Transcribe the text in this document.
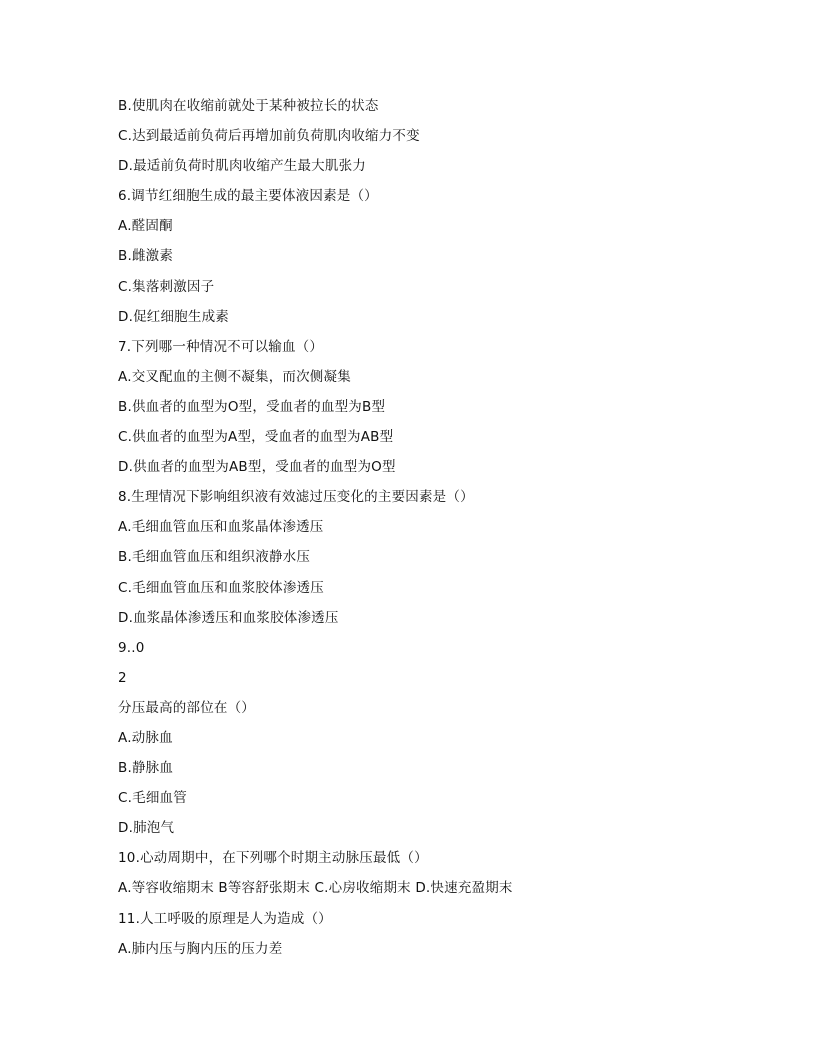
B.使肌肉在收缩前就处于某种被拉长的状态
C.达到最适前负荷后再增加前负荷肌肉收缩力不变
D.最适前负荷时肌肉收缩产生最大肌张力
6.调节红细胞生成的最主要体液因素是（）
A.醛固酮
B.雌激素
C.集落刺激因子
D.促红细胞生成素
7.下列哪一种情况不可以输血（）
A.交叉配血的主侧不凝集，而次侧凝集
B.供血者的血型为O型，受血者的血型为B型
C.供血者的血型为A型，受血者的血型为AB型
D.供血者的血型为AB型，受血者的血型为O型
8.生理情况下影响组织液有效滤过压变化的主要因素是（）
A.毛细血管血压和血浆晶体渗透压
B.毛细血管血压和组织液静水压
C.毛细血管血压和血浆胶体渗透压
D.血浆晶体渗透压和血浆胶体渗透压
9..0
2
分压最高的部位在（）
A.动脉血
B.静脉血
C.毛细血管
D.肺泡气
10.心动周期中，在下列哪个时期主动脉压最低（）
A.等容收缩期末 B等容舒张期末 C.心房收缩期末 D.快速充盈期末
11.人工呼吸的原理是人为造成（）
A.肺内压与胸内压的压力差
